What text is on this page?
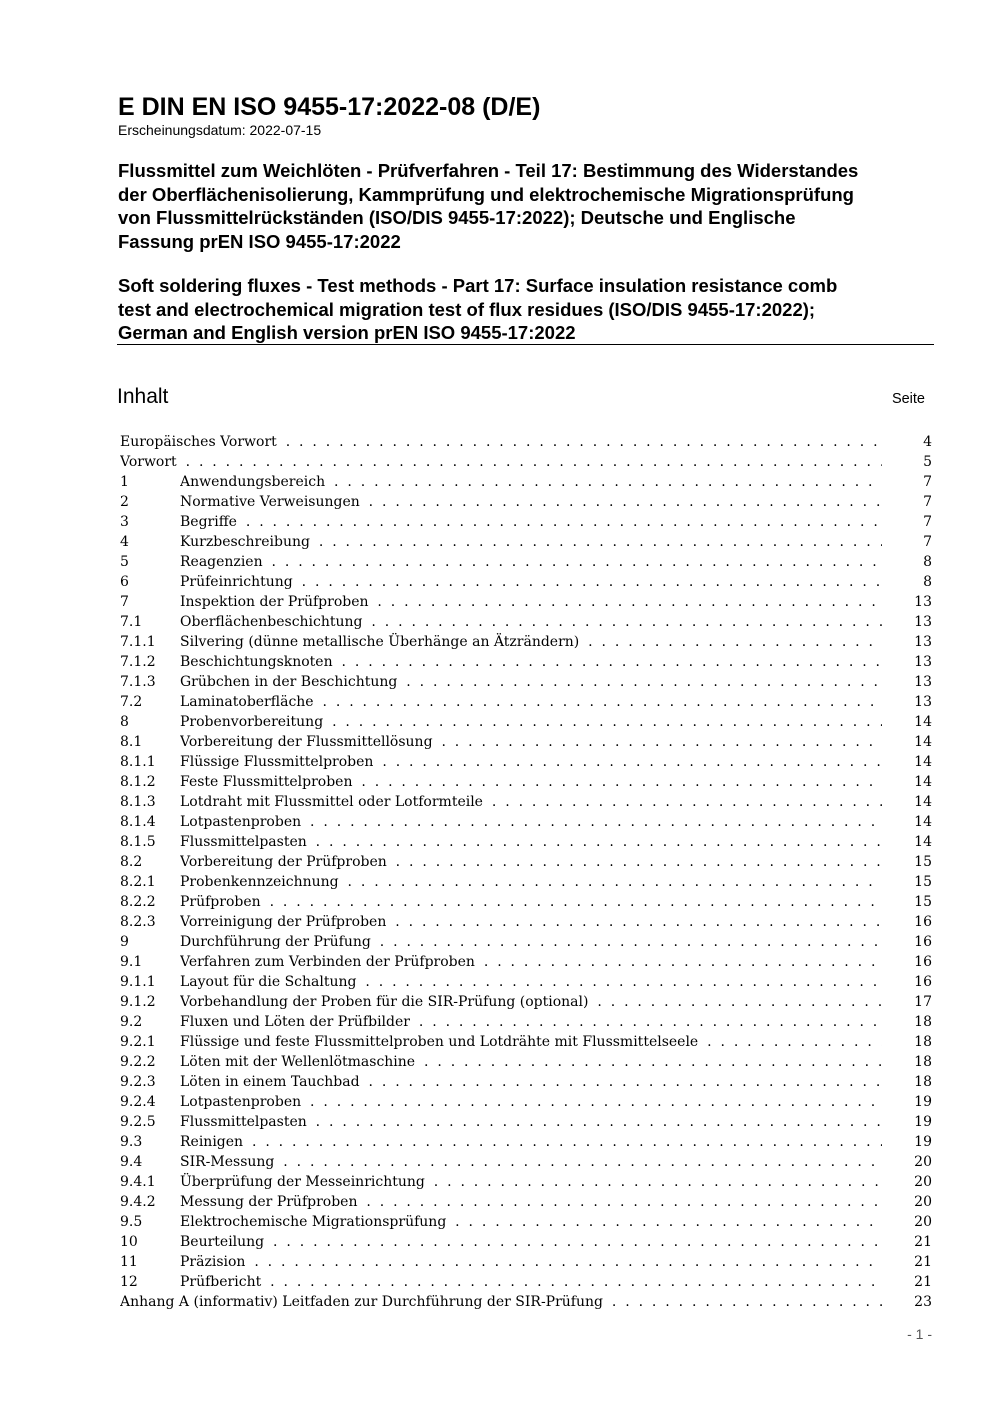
E DIN EN ISO 9455-17:2022-08 (D/E)
Erscheinungsdatum: 2022-07-15
Flussmittel zum Weichlöten - Prüfverfahren - Teil 17: Bestimmung des Widerstandes
der Oberflächenisolierung, Kammprüfung und elektrochemische Migrationsprüfung
von Flussmittelrückständen (ISO/DIS 9455-17:2022); Deutsche und Englische
Fassung prEN ISO 9455-17:2022
Soft soldering fluxes - Test methods - Part 17: Surface insulation resistance comb
test and electrochemical migration test of flux residues (ISO/DIS 9455-17:2022);
German and English version prEN ISO 9455-17:2022
Inhalt	Seite
Europäisches Vorwort . .	4
Vorwort . .	5
1	Anwendungsbereich . .	7
2	Normative Verweisungen . .	7
3	Begriffe . .	7
4	Kurzbeschreibung . .	7
5	Reagenzien . .	8
6	Prüfeinrichtung . .	8
7	Inspektion der Prüfproben . .	13
7.1	Oberflächenbeschichtung . .	13
7.1.1 Silvering (dünne metallische Überhänge an Ätzrändern) . .	13
7.1.2 Beschichtungsknoten . .	13
7.1.3 Grübchen in der Beschichtung . .	13
7.2	Laminatoberfläche . .	13
8	Probenvorbereitung . .	14
8.1	Vorbereitung der Flussmittellösung . .	14
8.1.1 Flüssige Flussmittelproben . .	14
8.1.2 Feste Flussmittelproben . .	14
8.1.3 Lotdraht mit Flussmittel oder Lotformteile . .	14
8.1.4 Lotpastenproben . .	14
8.1.5 Flussmittelpasten . .	14
8.2	Vorbereitung der Prüfproben . .	15
8.2.1 Probenkennzeichnung . .	15
8.2.2 Prüfproben . .	15
8.2.3 Vorreinigung der Prüfproben . .	16
9	Durchführung der Prüfung . .	16
9.1	Verfahren zum Verbinden der Prüfproben . .	16
9.1.1 Layout für die Schaltung . .	16
9.1.2 Vorbehandlung der Proben für die SIR-Prüfung (optional) . .	17
9.2	Fluxen und Löten der Prüfbilder . .	18
9.2.1 Flüssige und feste Flussmittelproben und Lotdrähte mit Flussmittelseele . .	18
9.2.2 Löten mit der Wellenlötmaschine . .	18
9.2.3 Löten in einem Tauchbad . .	18
9.2.4 Lotpastenproben . .	19
9.2.5 Flussmittelpasten . .	19
9.3	Reinigen . .	19
9.4	SIR-Messung . .	20
9.4.1 Überprüfung der Messeinrichtung . .	20
9.4.2 Messung der Prüfproben . .	20
9.5	Elektrochemische Migrationsprüfung . .	20
10	Beurteilung . .	21
11	Präzision . .	21
12	Prüfbericht . .	21
Anhang A (informativ) Leitfaden zur Durchführung der SIR-Prüfung . .	23
- 1 -
